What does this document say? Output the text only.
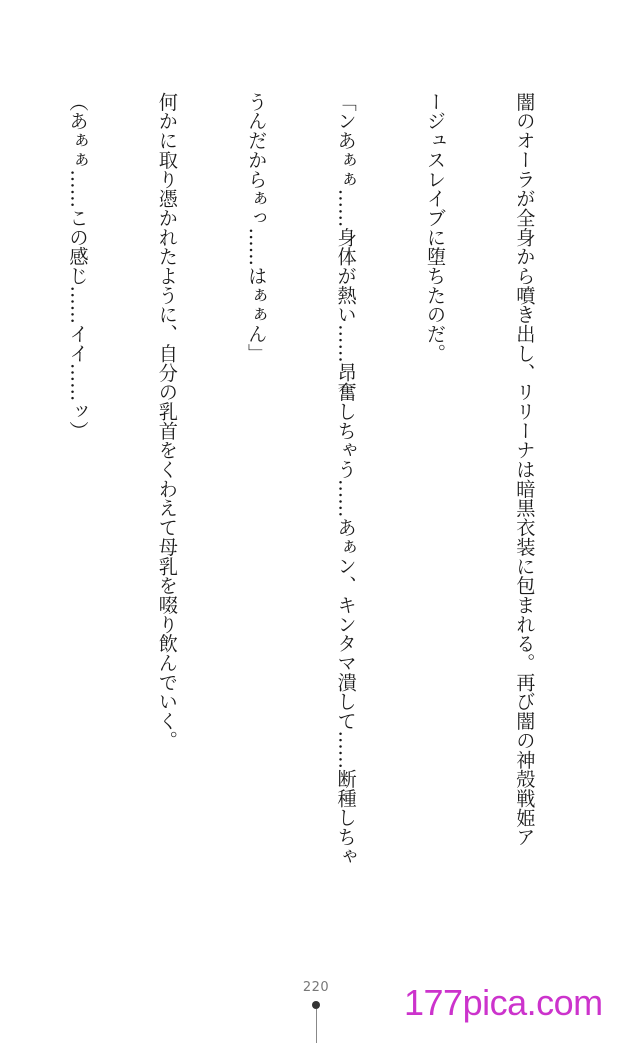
闇のオーラが全身から噴き出し、リリーナは暗黒衣装に包まれる。再び闇の神殻戦姫ア

ージュスレイブに堕ちたのだ。

「ンあぁぁ……身体が熱い……昂奮しちゃう……あぁン、キンタマ潰して……断種しちゃ

うんだからぁっ……はぁぁん」

何かに取り憑かれたように、自分の乳首をくわえて母乳を啜り飲んでいく。

（あぁぁ……この感じ……イイ……ッ）

220 177pica.com
